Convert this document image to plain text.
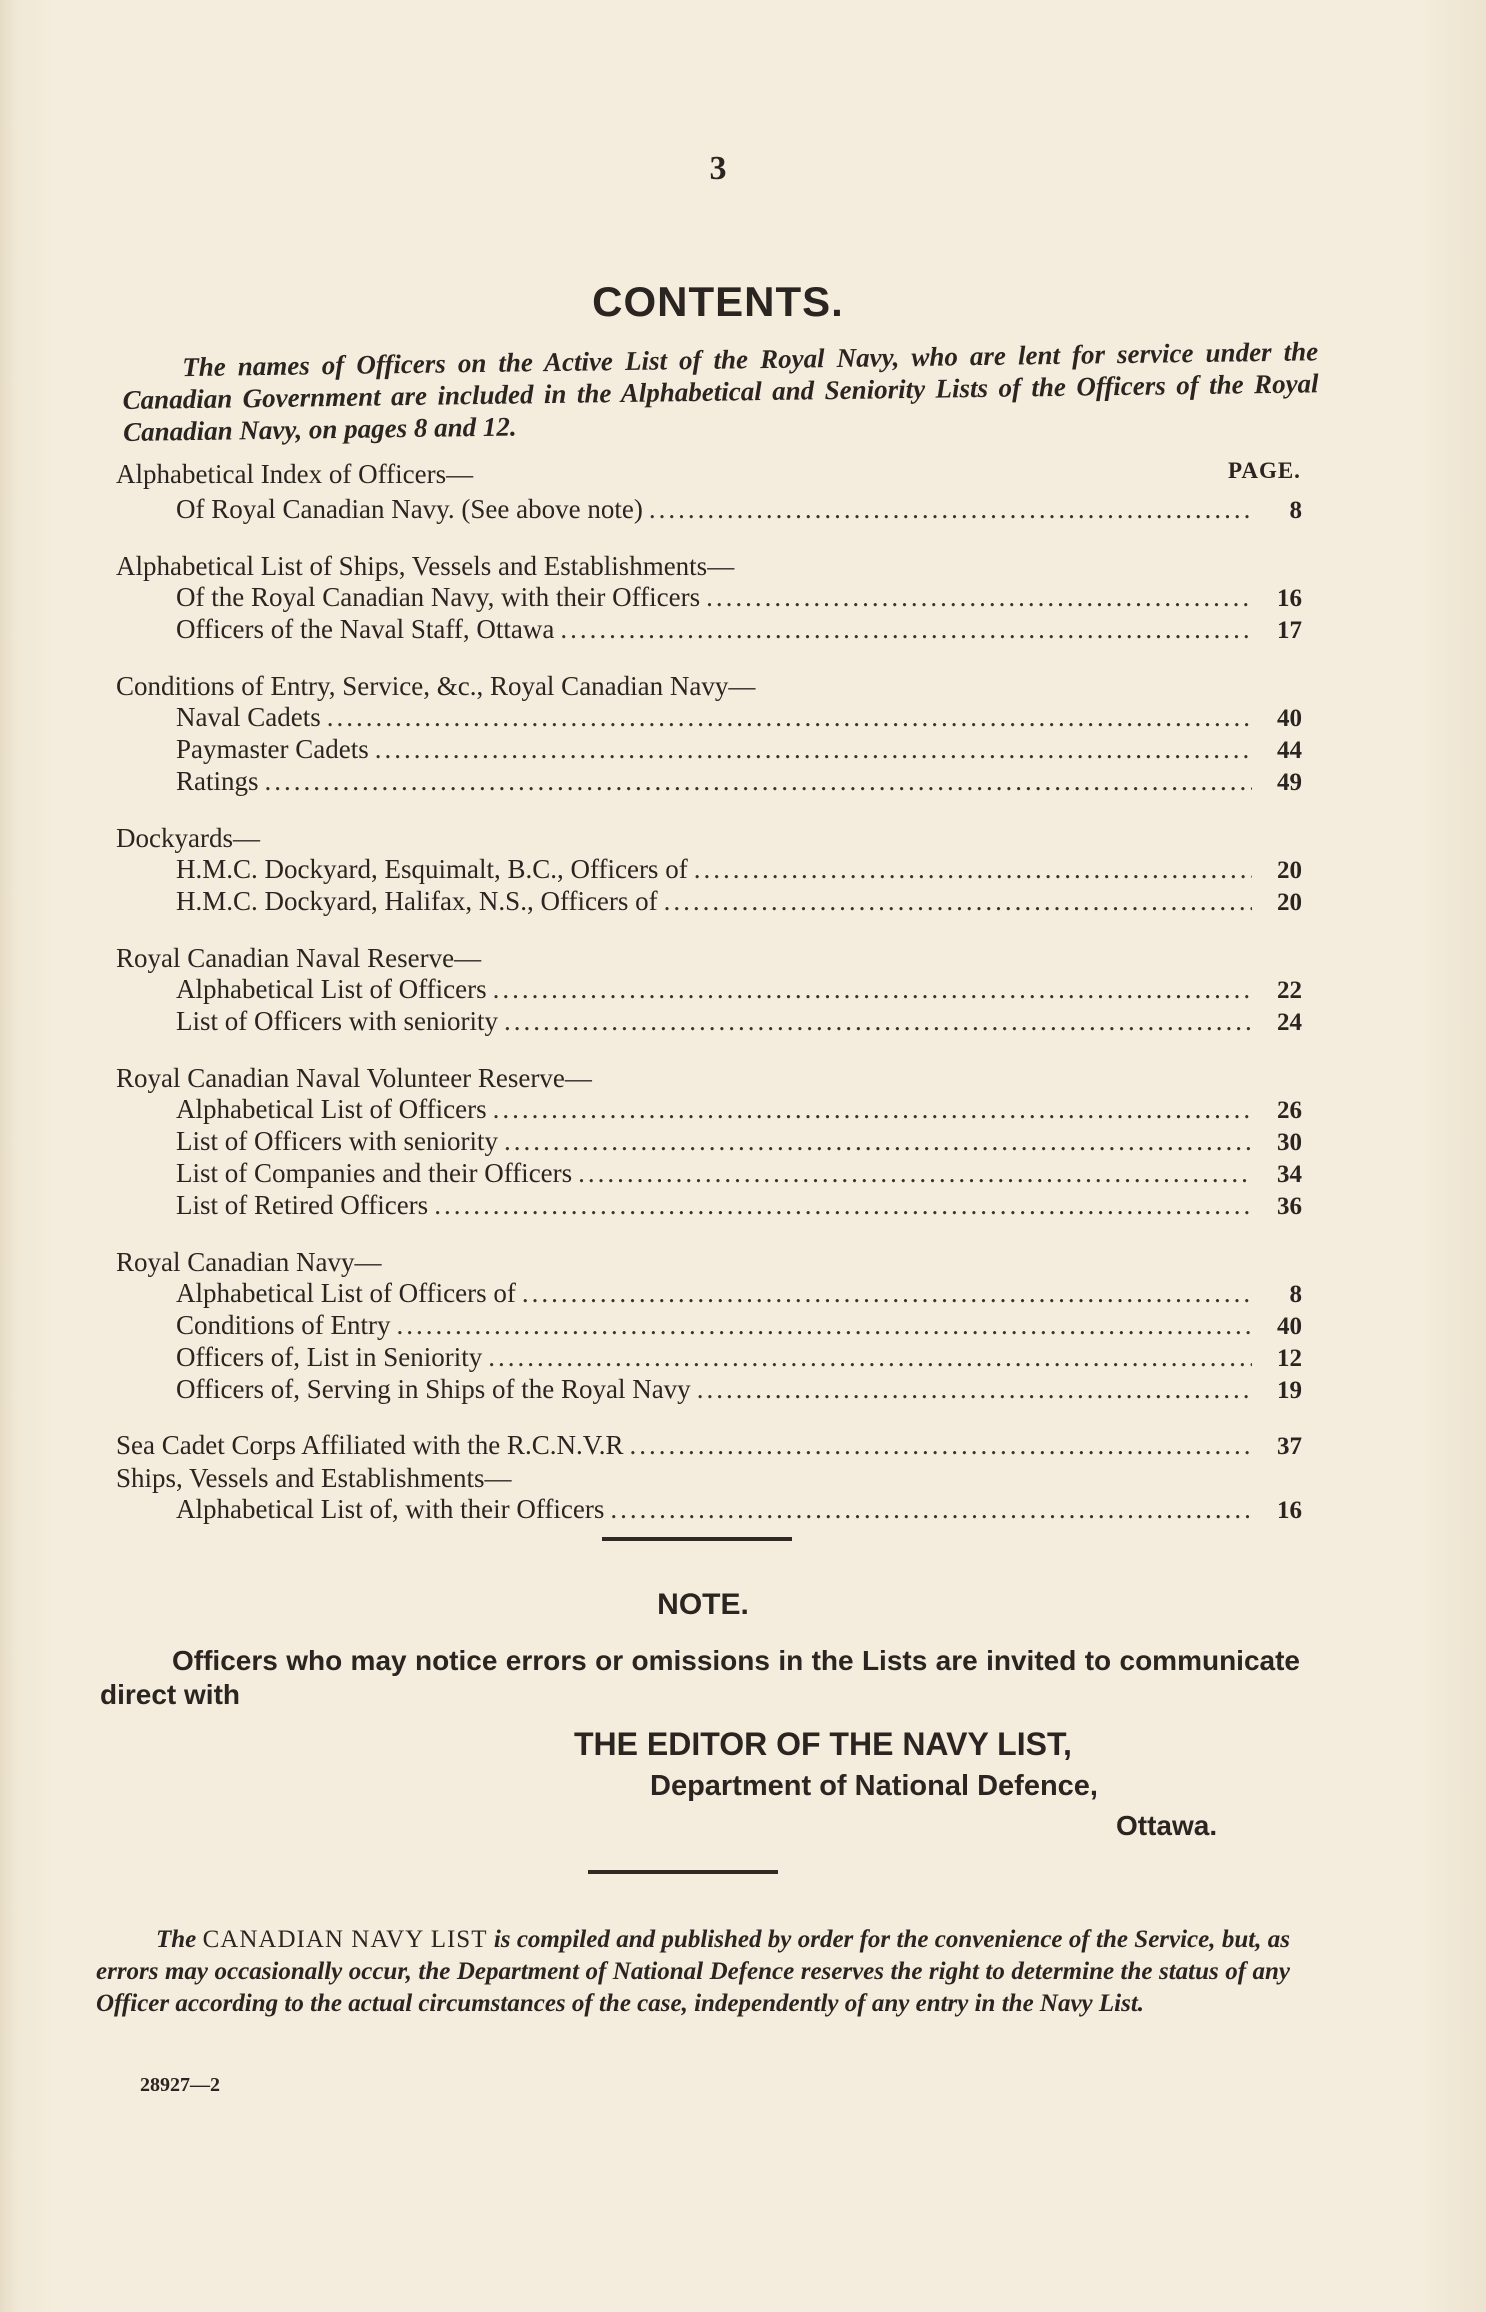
3
CONTENTS.
The names of Officers on the Active List of the Royal Navy, who are lent for service under the Canadian Government are included in the Alphabetical and Seniority Lists of the Officers of the Royal Canadian Navy, on pages 8 and 12.
PAGE.
Alphabetical Index of Officers—
Of Royal Canadian Navy. (See above note) .....	8
Alphabetical List of Ships, Vessels and Establishments—
Of the Royal Canadian Navy, with their Officers .....	16
Officers of the Naval Staff, Ottawa .....	17
Conditions of Entry, Service, &c., Royal Canadian Navy—
Naval Cadets .....	40
Paymaster Cadets .....	44
Ratings .....	49
Dockyards—
H.M.C. Dockyard, Esquimalt, B.C., Officers of .....	20
H.M.C. Dockyard, Halifax, N.S., Officers of .....	20
Royal Canadian Naval Reserve—
Alphabetical List of Officers .....	22
List of Officers with seniority .....	24
Royal Canadian Naval Volunteer Reserve—
Alphabetical List of Officers .....	26
List of Officers with seniority .....	30
List of Companies and their Officers .....	34
List of Retired Officers .....	36
Royal Canadian Navy—
Alphabetical List of Officers of .....	8
Conditions of Entry .....	40
Officers of, List in Seniority .....	12
Officers of, Serving in Ships of the Royal Navy .....	19
Sea Cadet Corps Affiliated with the R.C.N.V.R .....	37
Ships, Vessels and Establishments—
Alphabetical List of, with their Officers .....	16
NOTE.
Officers who may notice errors or omissions in the Lists are invited to communicate direct with
THE EDITOR OF THE NAVY LIST,
Department of National Defence,
Ottawa.
The CANADIAN NAVY LIST is compiled and published by order for the convenience of the Service, but, as errors may occasionally occur, the Department of National Defence reserves the right to determine the status of any Officer according to the actual circumstances of the case, independently of any entry in the Navy List.
28927—2
